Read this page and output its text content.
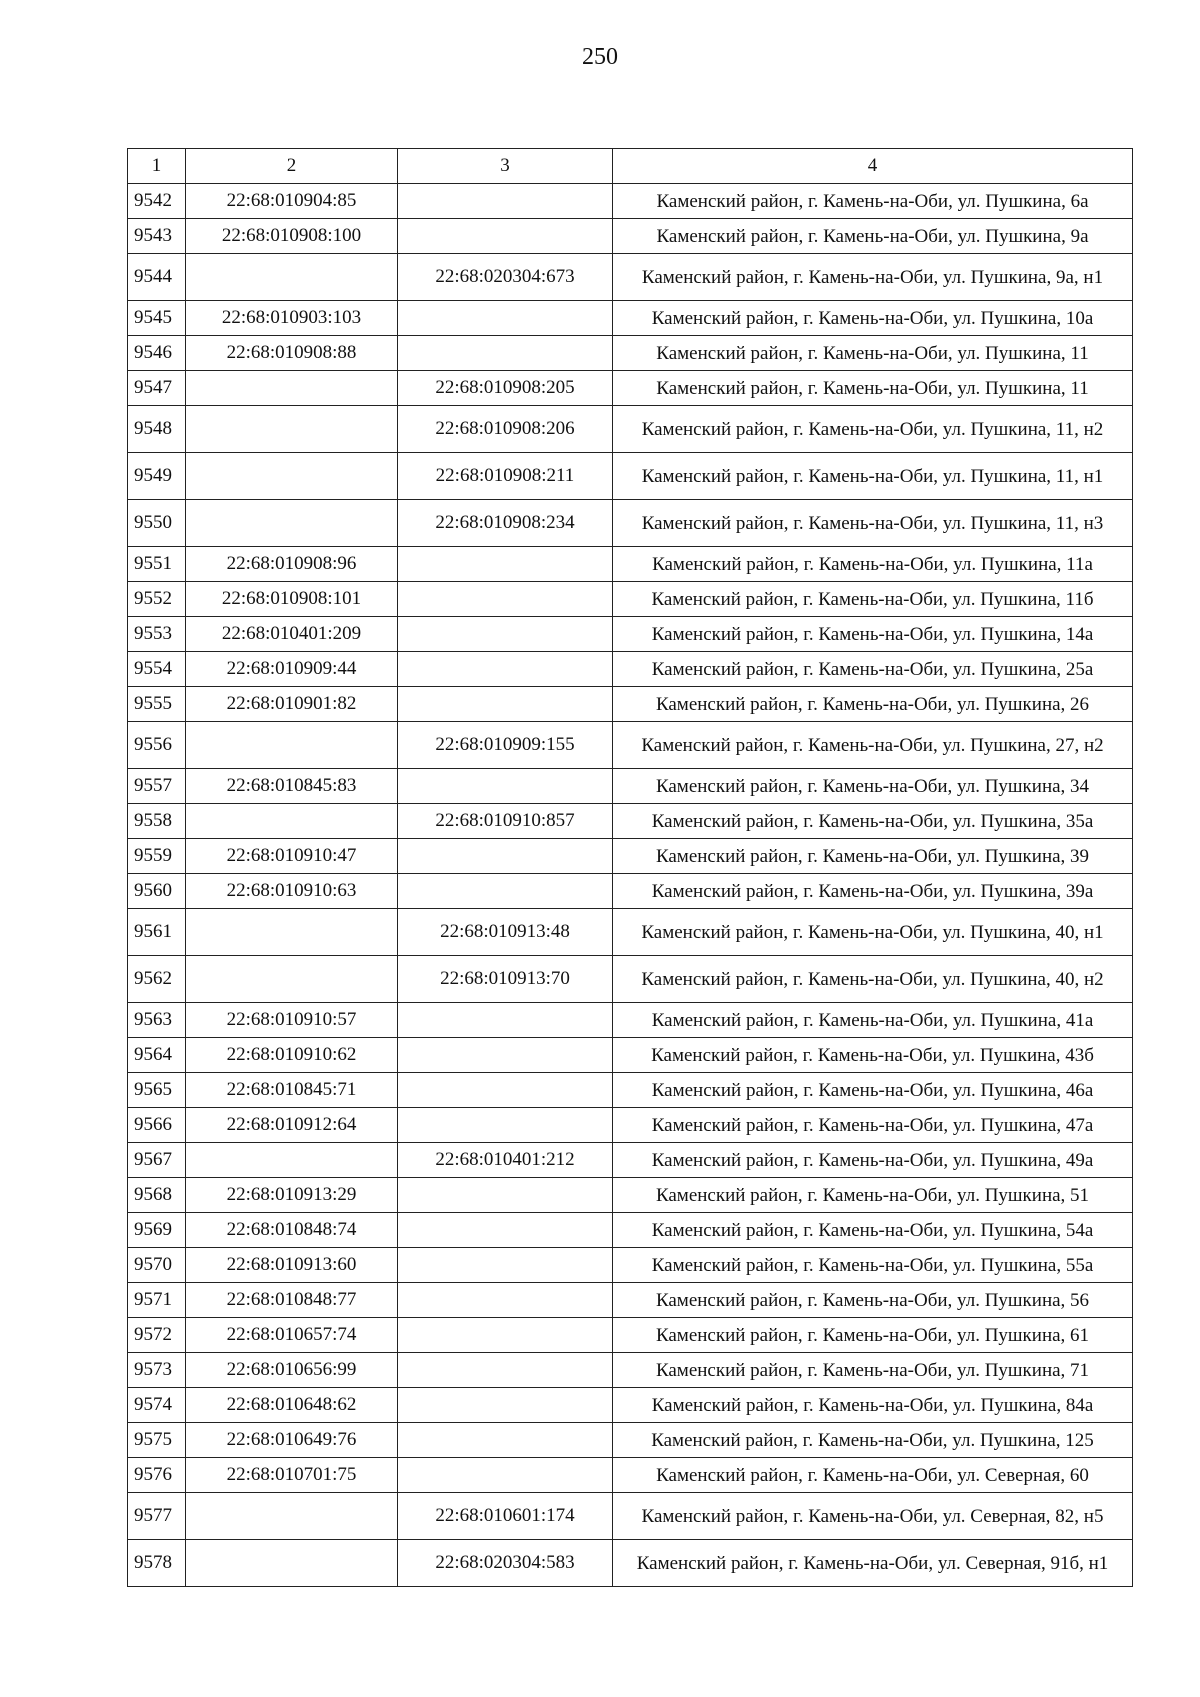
250
1	2	3	4
9542	22:68:010904:85		Каменский район, г. Камень-на-Оби, ул. Пушкина, 6а
9543	22:68:010908:100		Каменский район, г. Камень-на-Оби, ул. Пушкина, 9а
9544		22:68:020304:673	Каменский район, г. Камень-на-Оби, ул. Пушкина, 9а, н1
9545	22:68:010903:103		Каменский район, г. Камень-на-Оби, ул. Пушкина, 10а
9546	22:68:010908:88		Каменский район, г. Камень-на-Оби, ул. Пушкина, 11
9547		22:68:010908:205	Каменский район, г. Камень-на-Оби, ул. Пушкина, 11
9548		22:68:010908:206	Каменский район, г. Камень-на-Оби, ул. Пушкина, 11, н2
9549		22:68:010908:211	Каменский район, г. Камень-на-Оби, ул. Пушкина, 11, н1
9550		22:68:010908:234	Каменский район, г. Камень-на-Оби, ул. Пушкина, 11, н3
9551	22:68:010908:96		Каменский район, г. Камень-на-Оби, ул. Пушкина, 11а
9552	22:68:010908:101		Каменский район, г. Камень-на-Оби, ул. Пушкина, 11б
9553	22:68:010401:209		Каменский район, г. Камень-на-Оби, ул. Пушкина, 14а
9554	22:68:010909:44		Каменский район, г. Камень-на-Оби, ул. Пушкина, 25а
9555	22:68:010901:82		Каменский район, г. Камень-на-Оби, ул. Пушкина, 26
9556		22:68:010909:155	Каменский район, г. Камень-на-Оби, ул. Пушкина, 27, н2
9557	22:68:010845:83		Каменский район, г. Камень-на-Оби, ул. Пушкина, 34
9558		22:68:010910:857	Каменский район, г. Камень-на-Оби, ул. Пушкина, 35а
9559	22:68:010910:47		Каменский район, г. Камень-на-Оби, ул. Пушкина, 39
9560	22:68:010910:63		Каменский район, г. Камень-на-Оби, ул. Пушкина, 39а
9561		22:68:010913:48	Каменский район, г. Камень-на-Оби, ул. Пушкина, 40, н1
9562		22:68:010913:70	Каменский район, г. Камень-на-Оби, ул. Пушкина, 40, н2
9563	22:68:010910:57		Каменский район, г. Камень-на-Оби, ул. Пушкина, 41а
9564	22:68:010910:62		Каменский район, г. Камень-на-Оби, ул. Пушкина, 43б
9565	22:68:010845:71		Каменский район, г. Камень-на-Оби, ул. Пушкина, 46а
9566	22:68:010912:64		Каменский район, г. Камень-на-Оби, ул. Пушкина, 47а
9567		22:68:010401:212	Каменский район, г. Камень-на-Оби, ул. Пушкина, 49а
9568	22:68:010913:29		Каменский район, г. Камень-на-Оби, ул. Пушкина, 51
9569	22:68:010848:74		Каменский район, г. Камень-на-Оби, ул. Пушкина, 54а
9570	22:68:010913:60		Каменский район, г. Камень-на-Оби, ул. Пушкина, 55а
9571	22:68:010848:77		Каменский район, г. Камень-на-Оби, ул. Пушкина, 56
9572	22:68:010657:74		Каменский район, г. Камень-на-Оби, ул. Пушкина, 61
9573	22:68:010656:99		Каменский район, г. Камень-на-Оби, ул. Пушкина, 71
9574	22:68:010648:62		Каменский район, г. Камень-на-Оби, ул. Пушкина, 84а
9575	22:68:010649:76		Каменский район, г. Камень-на-Оби, ул. Пушкина, 125
9576	22:68:010701:75		Каменский район, г. Камень-на-Оби, ул. Северная, 60
9577		22:68:010601:174	Каменский район, г. Камень-на-Оби, ул. Северная, 82, н5
9578		22:68:020304:583	Каменский район, г. Камень-на-Оби, ул. Северная, 91б, н1
